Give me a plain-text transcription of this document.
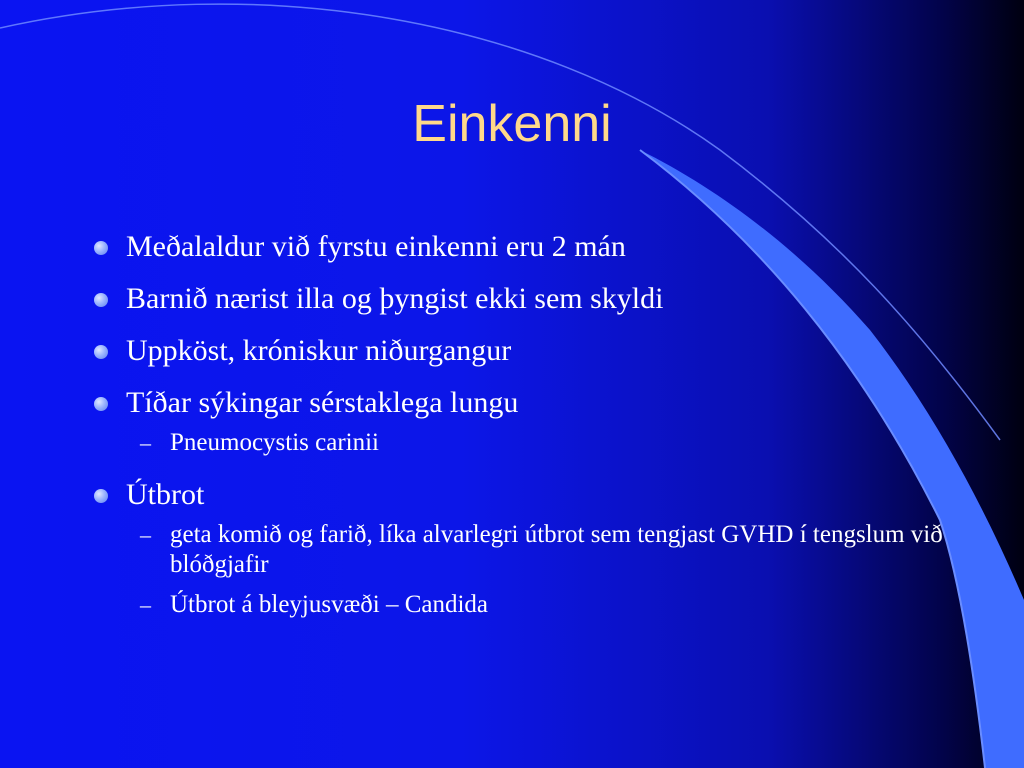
Einkenni
Meðalaldur við fyrstu einkenni eru 2 mán
Barnið nærist illa og þyngist ekki sem skyldi
Uppköst, króniskur niðurgangur
Tíðar sýkingar sérstaklega lungu
– Pneumocystis carinii
Útbrot
– geta komið og farið, líka alvarlegri útbrot sem tengjast GVHD í tengslum við blóðgjafir
– Útbrot á bleyjusvæði – Candida
